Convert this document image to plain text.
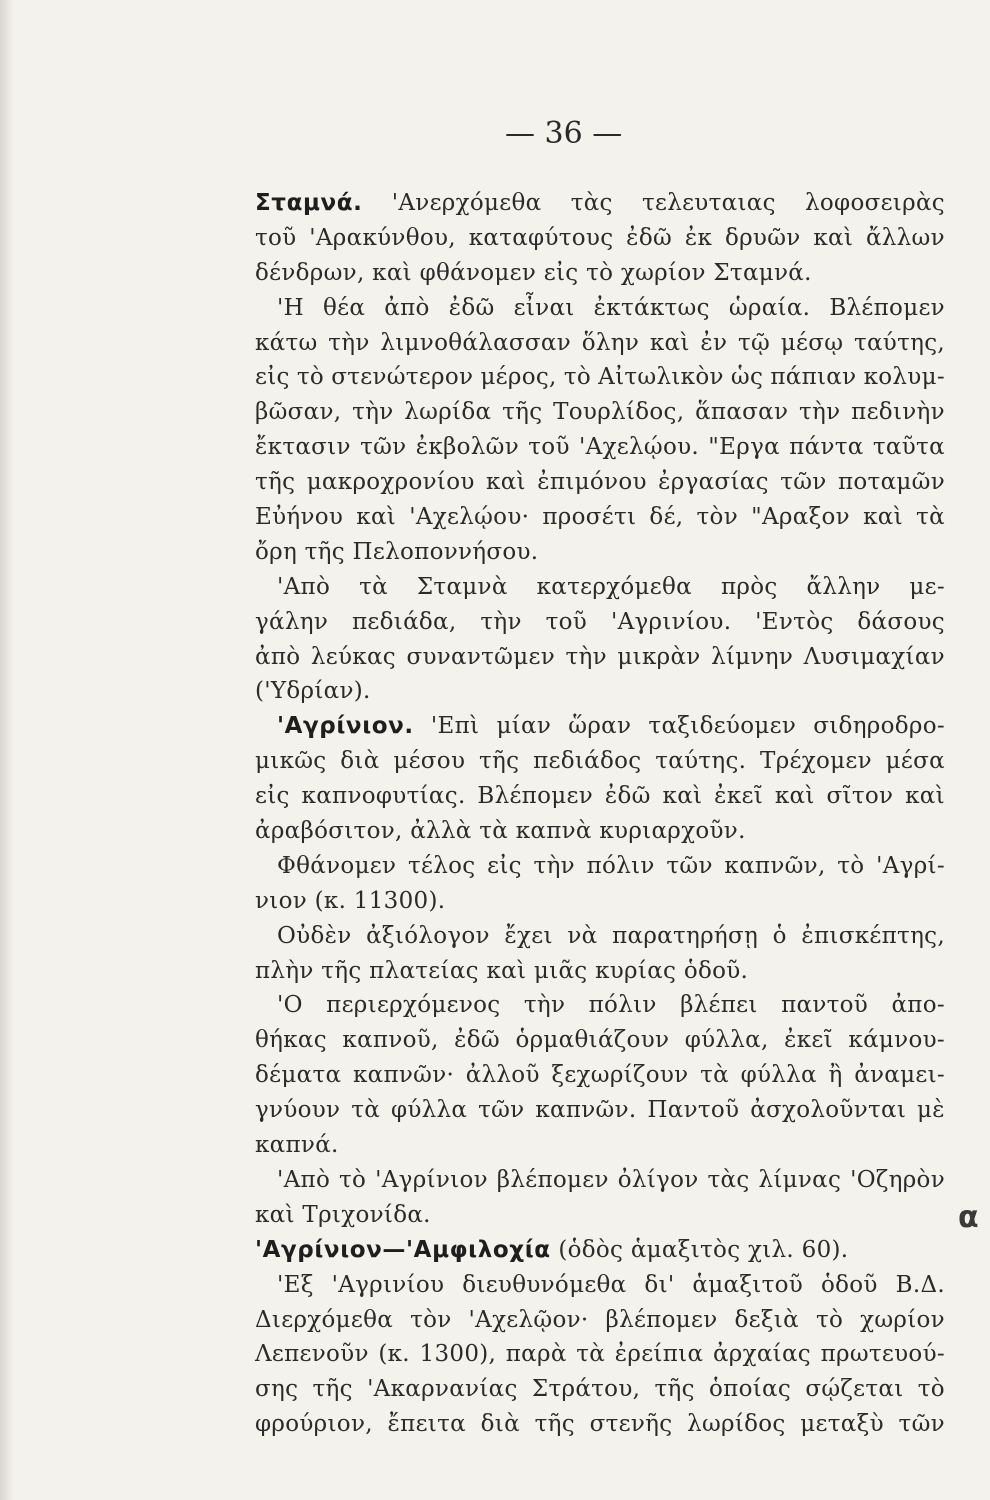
— 36 —
Σταμνά. 'Ανερχόμεθα τὰς τελευταιας λοφοσειρὰς
τοῦ 'Αρακύνθου, καταφύτους ἐδῶ ἐκ δρυῶν καὶ ἄλλων
δένδρων, καὶ φθάνομεν εἰς τὸ χωρίον Σταμνά.
'Η θέα ἀπὸ ἐδῶ εἶναι ἐκτάκτως ὡραία. Βλέπομεν
κάτω τὴν λιμνοθάλασσαν ὅλην καὶ ἐν τῷ μέσῳ ταύτης,
εἰς τὸ στενώτερον μέρος, τὸ Αἰτωλικὸν ὡς πάπιαν κολυμ-
βῶσαν, τὴν λωρίδα τῆς Τουρλίδος, ἅπασαν τὴν πεδινὴν
ἔκτασιν τῶν ἐκβολῶν τοῦ 'Αχελῴου. "Εργα πάντα ταῦτα
τῆς μακροχρονίου καὶ ἐπιμόνου ἐργασίας τῶν ποταμῶν
Εὐήνου καὶ 'Αχελῴου· προσέτι δέ, τὸν "Αραξον καὶ τὰ
ὄρη τῆς Πελοποννήσου.
'Απὸ τὰ Σταμνὰ κατερχόμεθα πρὸς ἄλλην με-
γάλην πεδιάδα, τὴν τοῦ 'Αγρινίου. 'Εντὸς δάσους
ἀπὸ λεύκας συναντῶμεν τὴν μικρὰν λίμνην Λυσιμαχίαν
('Υδρίαν).
'Αγρίνιον. 'Επὶ μίαν ὥραν ταξιδεύομεν σιδηροδρο-
μικῶς διὰ μέσου τῆς πεδιάδος ταύτης. Τρέχομεν μέσα
εἰς καπνοφυτίας. Βλέπομεν ἐδῶ καὶ ἐκεῖ καὶ σῖτον καὶ
ἀραβόσιτον, ἀλλὰ τὰ καπνὰ κυριαρχοῦν.
Φθάνομεν τέλος εἰς τὴν πόλιν τῶν καπνῶν, τὸ 'Αγρί-
νιον (κ. 11300).
Οὐδὲν ἀξιόλογον ἔχει νὰ παρατηρήσῃ ὁ ἐπισκέπτης,
πλὴν τῆς πλατείας καὶ μιᾶς κυρίας ὁδοῦ.
'Ο περιερχόμενος τὴν πόλιν βλέπει παντοῦ ἀπο-
θήκας καπνοῦ, ἐδῶ ὁρμαθιάζουν φύλλα, ἐκεῖ κάμνου-
δέματα καπνῶν· ἀλλοῦ ξεχωρίζουν τὰ φύλλα ἢ ἀναμει-
γνύουν τὰ φύλλα τῶν καπνῶν. Παντοῦ ἀσχολοῦνται μὲ
καπνά.
'Απὸ τὸ 'Αγρίνιον βλέπομεν ὀλίγον τὰς λίμνας 'Οζηρὸν
καὶ Τριχονίδα.
'Αγρίνιον—'Αμφιλοχία (ὁδὸς ἁμαξιτὸς χιλ. 60).
'Εξ 'Αγρινίου διευθυνόμεθα δι' ἁμαξιτοῦ ὁδοῦ Β.Δ.
Διερχόμεθα τὸν 'Αχελῷον· βλέπομεν δεξιὰ τὸ χωρίον
Λεπενοῦν (κ. 1300), παρὰ τὰ ἐρείπια ἀρχαίας πρωτευού-
σης τῆς 'Ακαρνανίας Στράτου, τῆς ὁποίας σῴζεται τὸ
φρούριον, ἔπειτα διὰ τῆς στενῆς λωρίδος μεταξὺ τῶν
α
